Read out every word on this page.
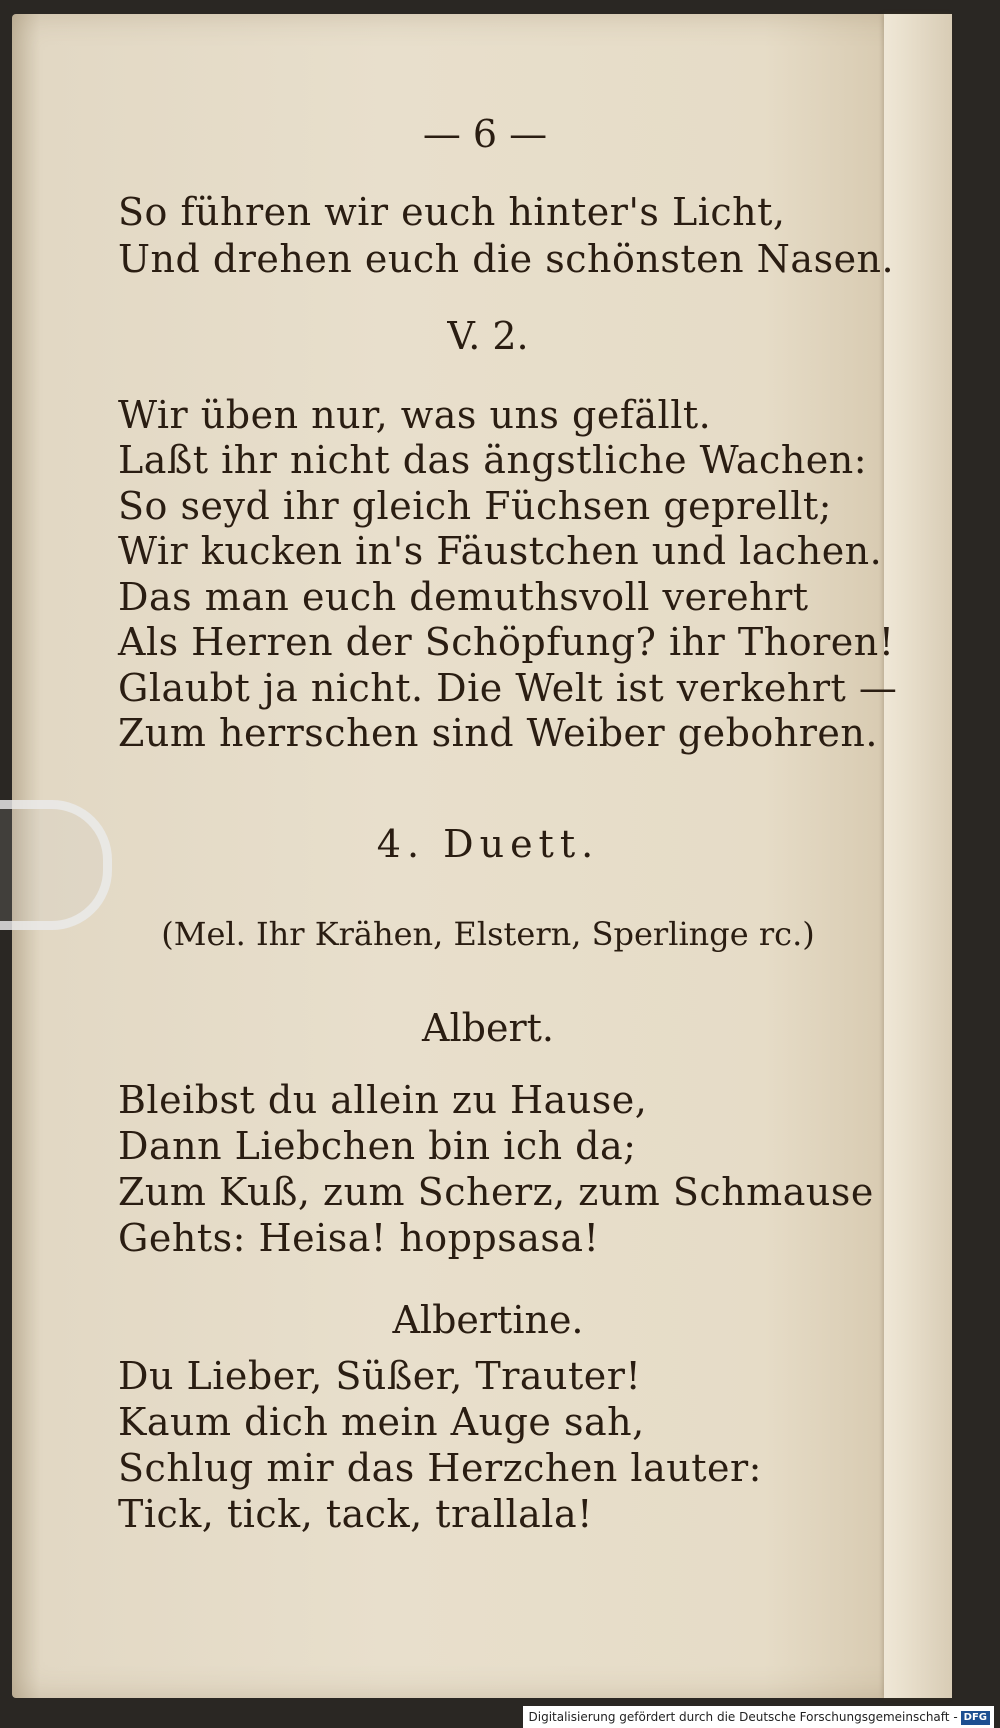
— 6 —
So führen wir euch hinter's Licht,
Und drehen euch die schönsten Nasen.
V. 2.
Wir üben nur, was uns gefällt.
Laßt ihr nicht das ängstliche Wachen:
So seyd ihr gleich Füchsen geprellt;
Wir kucken in's Fäustchen und lachen.
Das man euch demuthsvoll verehrt
Als Herren der Schöpfung? ihr Thoren!
Glaubt ja nicht. Die Welt ist verkehrt —
Zum herrschen sind Weiber gebohren.
4. Duett.
(Mel. Ihr Krähen, Elstern, Sperlinge rc.)
Albert.
Bleibst du allein zu Hause,
Dann Liebchen bin ich da;
Zum Kuß, zum Scherz, zum Schmause
Gehts: Heisa! hoppsasa!
Albertine.
Du Lieber, Süßer, Trauter!
Kaum dich mein Auge sah,
Schlug mir das Herzchen lauter:
Tick, tick, tack, trallala!
Digitalisierung gefördert durch die Deutsche Forschungsgemeinschaft - DFG
